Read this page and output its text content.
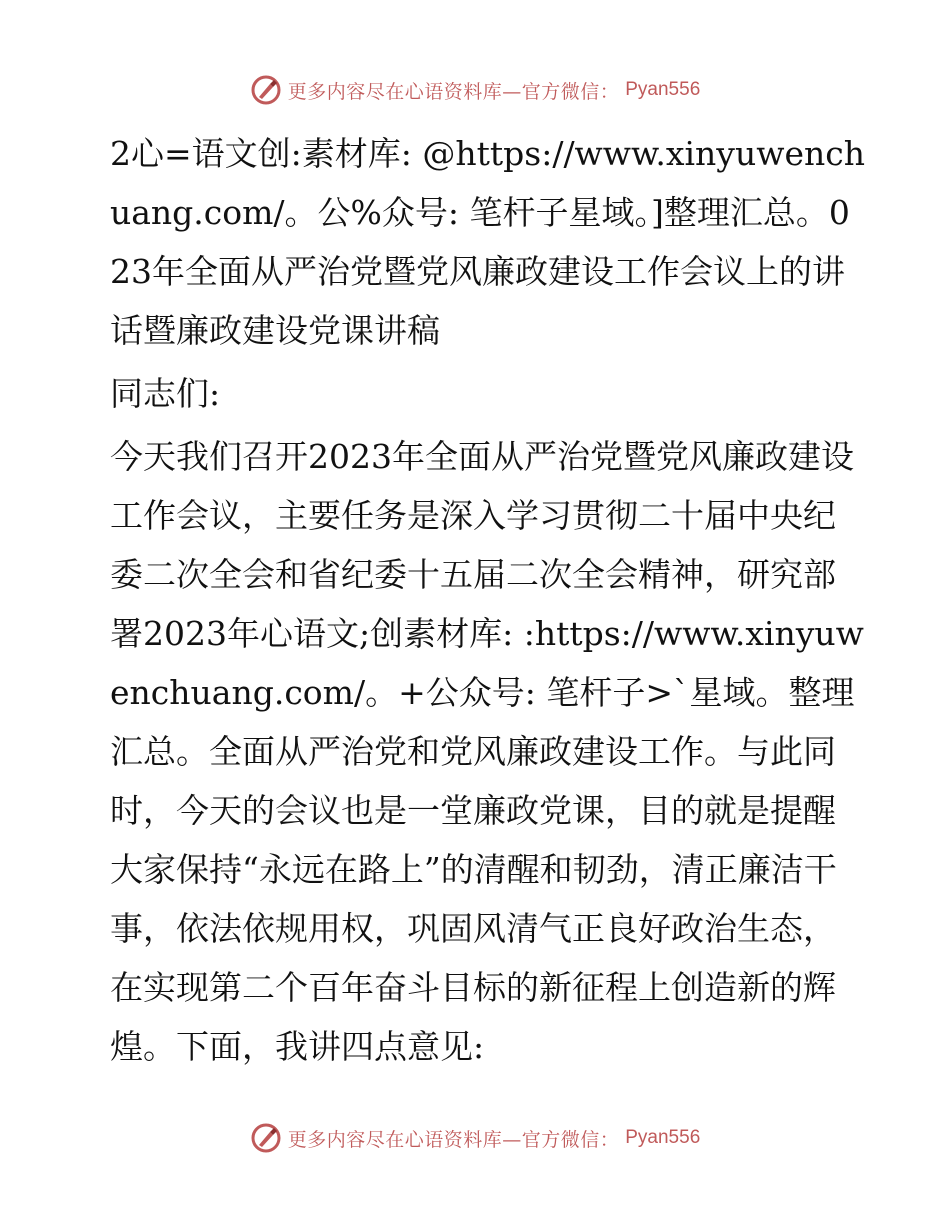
更多内容尽在心语资料库—官方微信： Pyan556

2心=语文创:素材库: @https://www.xinyuwenchuang.com/。公%众号: 笔杆子星域。]整理汇总。023年全面从严治党暨党风廉政建设工作会议上的讲话暨廉政建设党课讲稿

同志们:

今天我们召开2023年全面从严治党暨党风廉政建设工作会议，主要任务是深入学习贯彻二十届中央纪委二次全会和省纪委十五届二次全会精神，研究部署2023年心语文;创素材库: :https://www.xinyuwenchuang.com/。+公众号: 笔杆子>`星域。整理汇总。全面从严治党和党风廉政建设工作。与此同时，今天的会议也是一堂廉政党课，目的就是提醒大家保持“永远在路上”的清醒和韧劲，清正廉洁干事，依法依规用权，巩固风清气正良好政治生态，在实现第二个百年奋斗目标的新征程上创造新的辉煌。下面，我讲四点意见:

更多内容尽在心语资料库—官方微信： Pyan556
